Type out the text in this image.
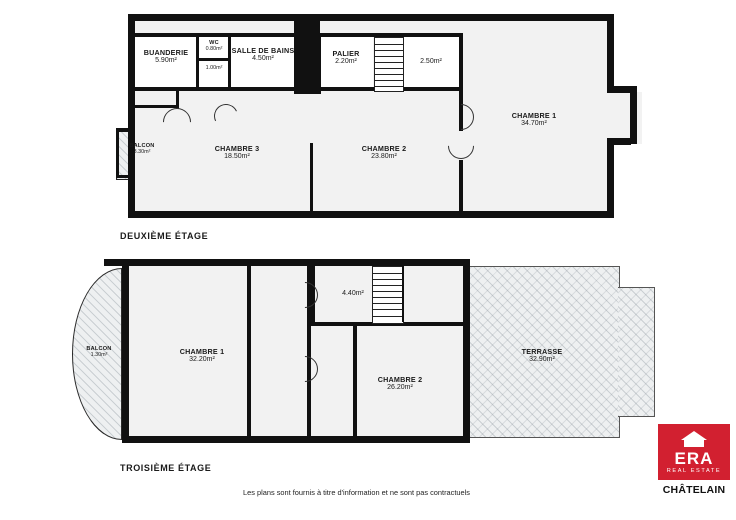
BUANDERIE
5.90m²
WC
0.80m²
1.00m²
SALLE DE BAINS
4.50m²
PALIER
2.20m²	2.50m²
CHAMBRE 1
34.70m²
CHAMBRE 2
23.80m²
CHAMBRE 3
18.50m²
BALCON
3.30m²
DEUXIÈME ÉTAGE
BALCON
1.30m²
4.40m²
CHAMBRE 1
32.20m²
CHAMBRE 2
26.20m²
TERRASSE
32.90m²
TROISIÈME ÉTAGE
Les plans sont fournis à titre d'information et ne sont pas contractuels
ERA
REAL ESTATE
CHÂTELAIN
